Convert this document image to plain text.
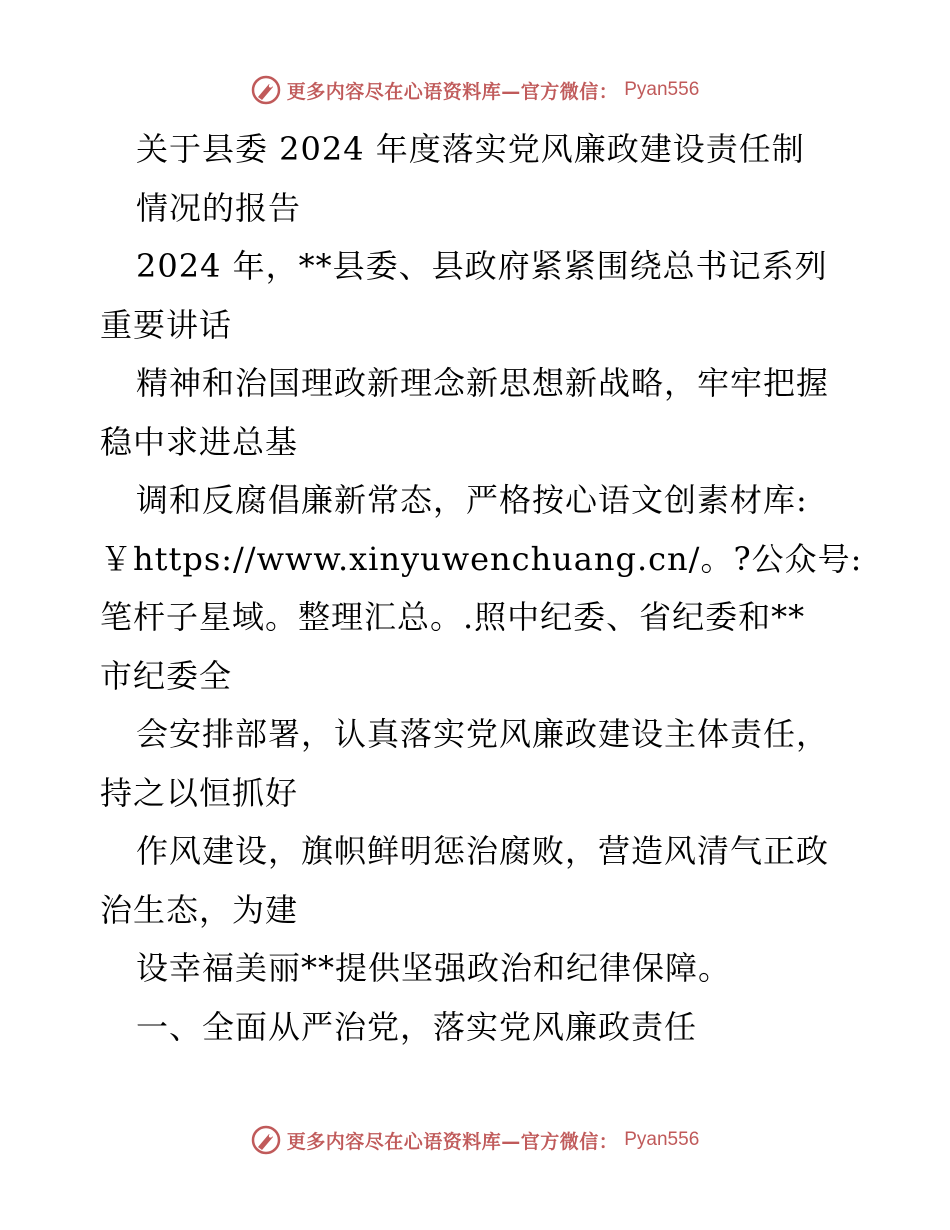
更多内容尽在心语资料库—官方微信： Pyan556
关于县委 2024 年度落实党风廉政建设责任制
情况的报告
2024 年，**县委、县政府紧紧围绕总书记系列
重要讲话
精神和治国理政新理念新思想新战略，牢牢把握
稳中求进总基
调和反腐倡廉新常态，严格按心语文创素材库:
￥https://www.xinyuwenchuang.cn/。?公众号:
笔杆子星域。整理汇总。.照中纪委、省纪委和**
市纪委全
会安排部署，认真落实党风廉政建设主体责任，
持之以恒抓好
作风建设，旗帜鲜明惩治腐败，营造风清气正政
治生态，为建
设幸福美丽**提供坚强政治和纪律保障。
一、全面从严治党，落实党风廉政责任
更多内容尽在心语资料库—官方微信： Pyan556
